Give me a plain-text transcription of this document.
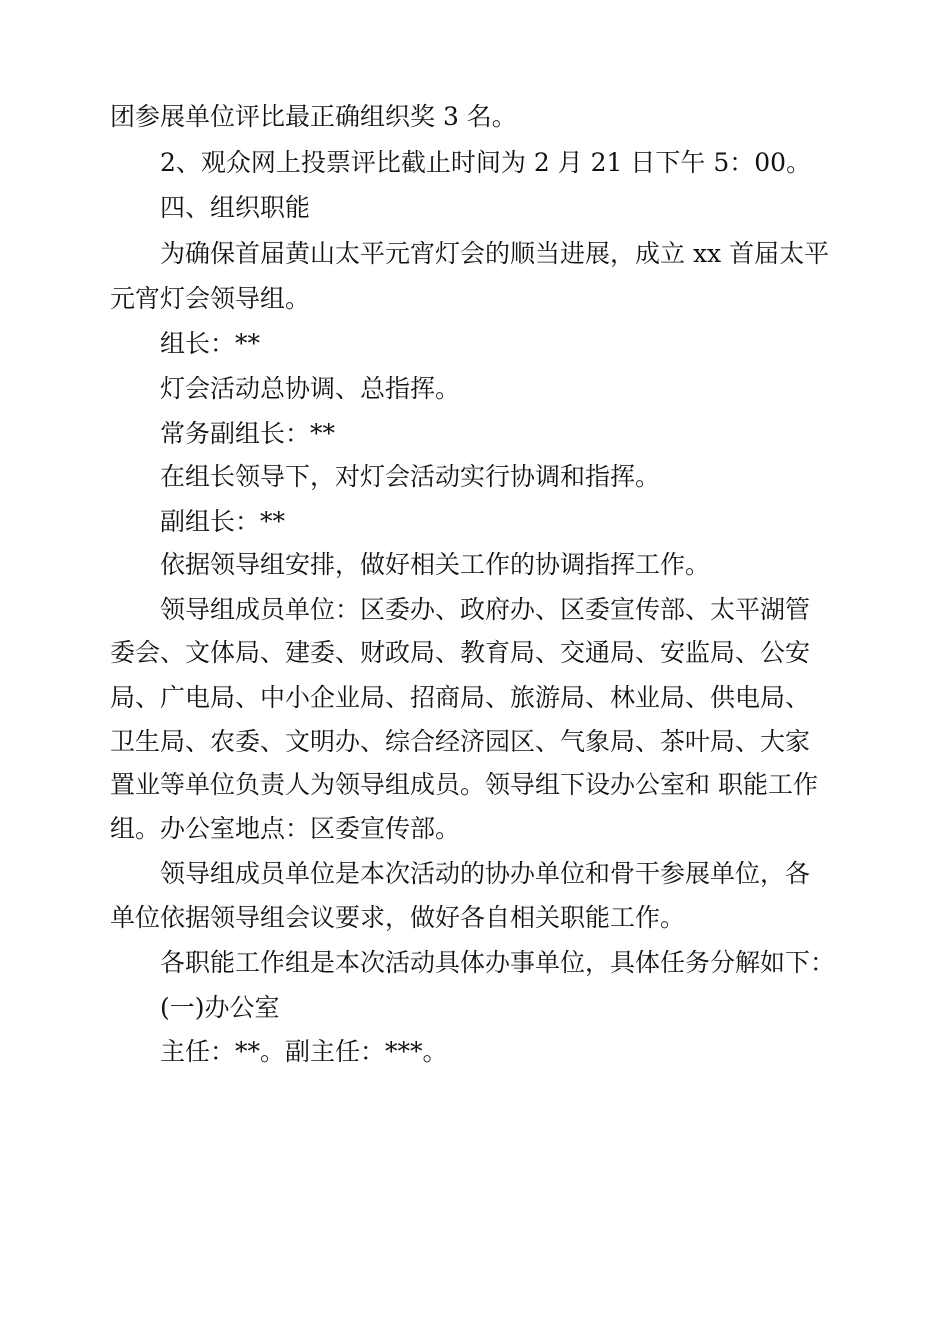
团参展单位评比最正确组织奖 3 名。
2、观众网上投票评比截止时间为 2 月 21 日下午 5：00。
四、组织职能
为确保首届黄山太平元宵灯会的顺当进展，成立 xx 首届太平
元宵灯会领导组。
组长：**
灯会活动总协调、总指挥。
常务副组长：**
在组长领导下，对灯会活动实行协调和指挥。
副组长：**
依据领导组安排，做好相关工作的协调指挥工作。
领导组成员单位：区委办、政府办、区委宣传部、太平湖管
委会、文体局、建委、财政局、教育局、交通局、安监局、公安
局、广电局、中小企业局、招商局、旅游局、林业局、供电局、
卫生局、农委、文明办、综合经济园区、气象局、茶叶局、大家
置业等单位负责人为领导组成员。领导组下设办公室和 职能工作
组。办公室地点：区委宣传部。
领导组成员单位是本次活动的协办单位和骨干参展单位，各
单位依据领导组会议要求，做好各自相关职能工作。
各职能工作组是本次活动具体办事单位，具体任务分解如下：
(一)办公室
主任：**。副主任：***。
